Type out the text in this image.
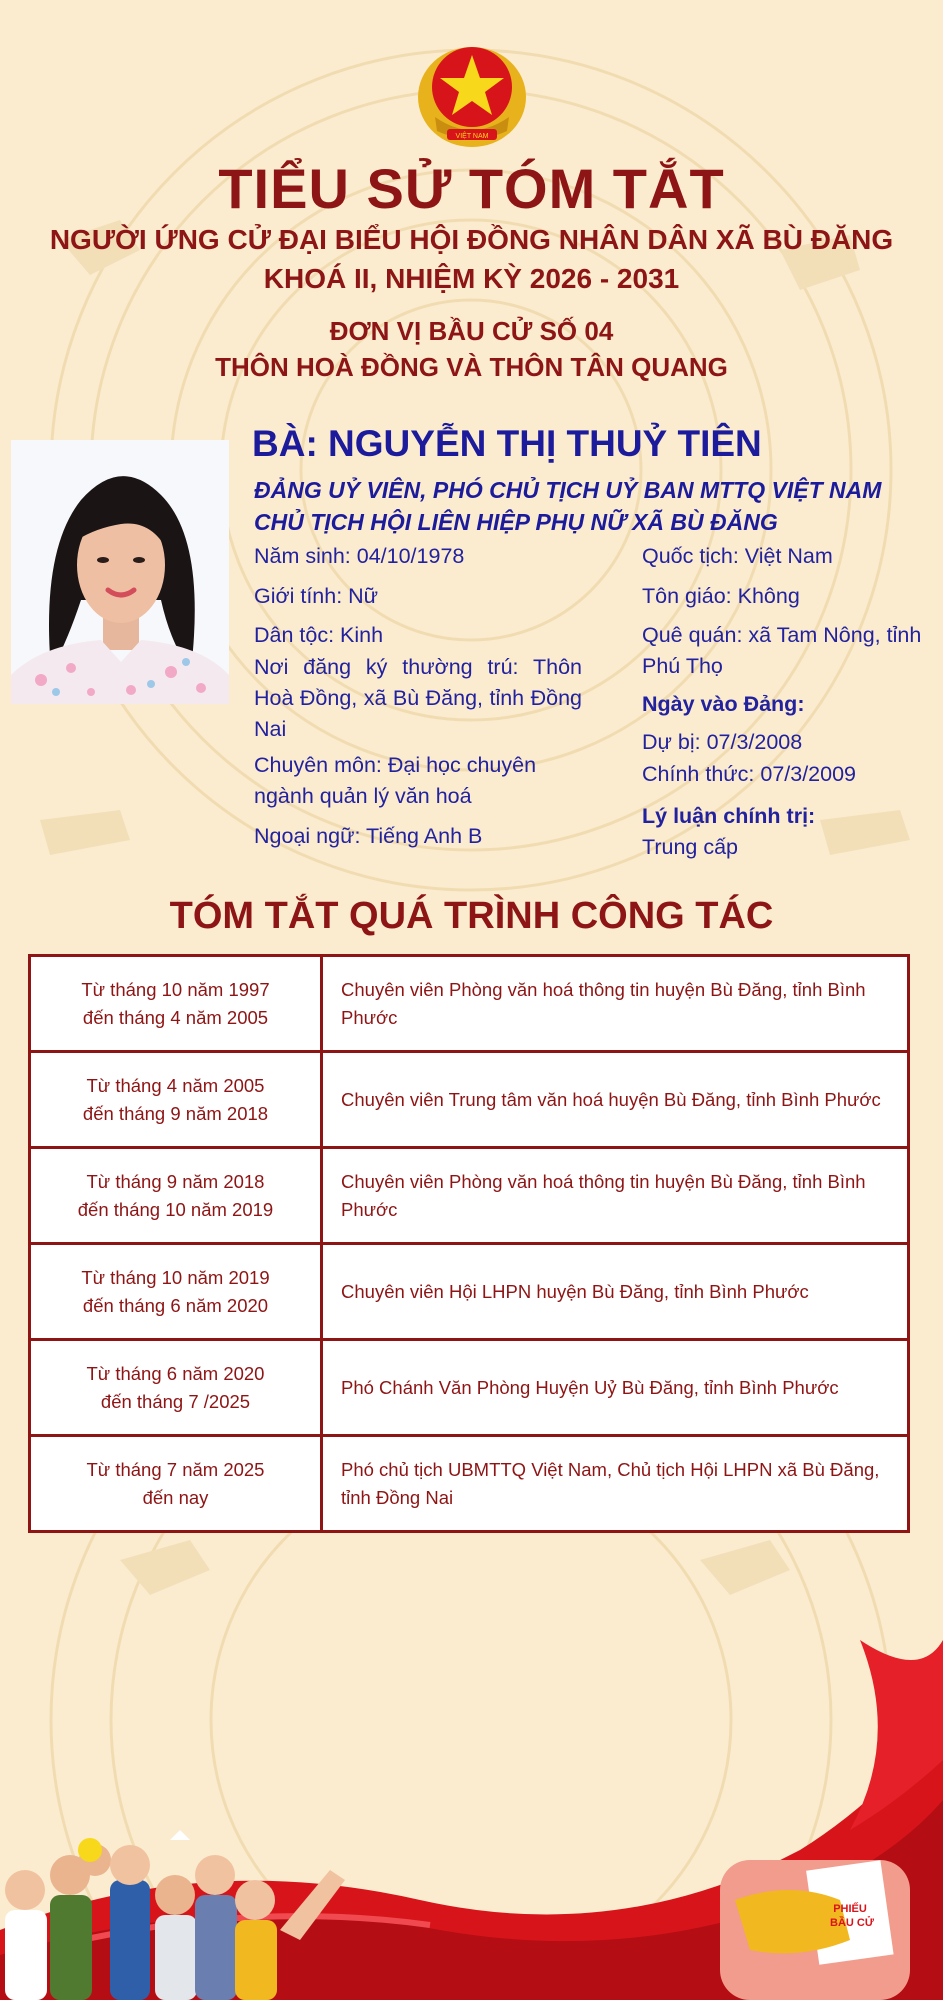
VIỆT NAM
TIỂU SỬ TÓM TẮT
NGƯỜI ỨNG CỬ ĐẠI BIỂU HỘI ĐỒNG NHÂN DÂN XÃ BÙ ĐĂNG
KHOÁ II, NHIỆM KỲ 2026 - 2031
ĐƠN VỊ BẦU CỬ SỐ 04
THÔN HOÀ ĐỒNG VÀ THÔN TÂN QUANG
BÀ: NGUYỄN THỊ THUỶ TIÊN
ĐẢNG UỶ VIÊN, PHÓ CHỦ TỊCH UỶ BAN MTTQ VIỆT NAM
CHỦ TỊCH HỘI LIÊN HIỆP PHỤ NỮ XÃ BÙ ĐĂNG
Năm sinh: 04/10/1978
Giới tính: Nữ
Dân tộc: Kinh
Nơi đăng ký thường trú: Thôn Hoà Đồng, xã Bù Đăng, tỉnh Đồng Nai
Chuyên môn: Đại học chuyên ngành quản lý văn hoá
Ngoại ngữ: Tiếng Anh B
Quốc tịch: Việt Nam
Tôn giáo: Không
Quê quán: xã Tam Nông, tỉnh Phú Thọ
Ngày vào Đảng:
Dự bị: 07/3/2008
Chính thức: 07/3/2009
Lý luận chính trị:
Trung cấp
TÓM TẮT QUÁ TRÌNH CÔNG TÁC
Từ tháng 10 năm 1997
đến tháng 4 năm 2005	Chuyên viên Phòng văn hoá thông tin huyện Bù Đăng, tỉnh Bình Phước
Từ tháng 4 năm 2005
đến tháng 9 năm 2018	Chuyên viên Trung tâm văn hoá huyện Bù Đăng, tỉnh Bình Phước
Từ tháng 9 năm 2018
đến tháng 10 năm 2019	Chuyên viên Phòng văn hoá thông tin huyện Bù Đăng, tỉnh Bình Phước
Từ tháng 10 năm 2019
đến tháng 6 năm 2020	Chuyên viên Hội LHPN huyện Bù Đăng, tỉnh Bình Phước
Từ tháng 6 năm 2020
đến tháng 7 /2025	Phó Chánh Văn Phòng Huyện Uỷ Bù Đăng, tỉnh Bình Phước
Từ tháng 7 năm 2025
đến nay	Phó chủ tịch UBMTTQ Việt Nam, Chủ tịch Hội LHPN xã Bù Đăng, tỉnh Đồng Nai
PHIẾU
BẦU CỬ
